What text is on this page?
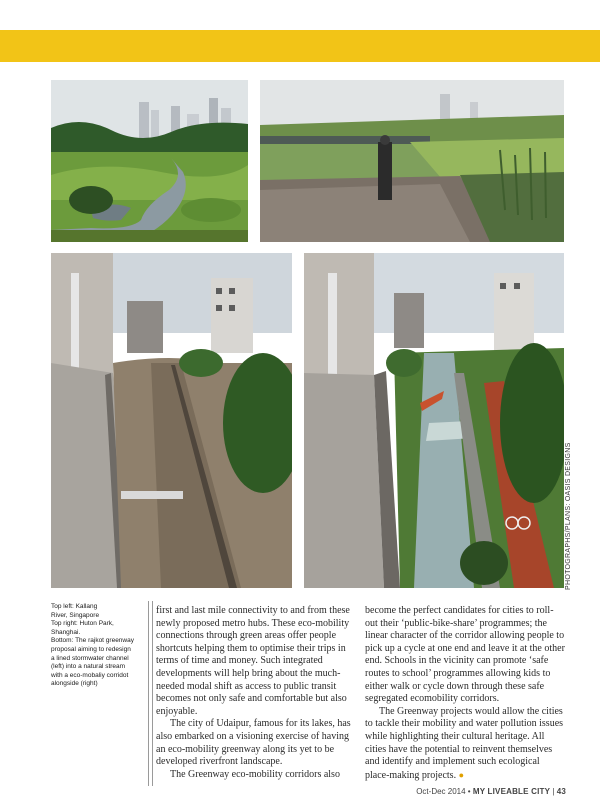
PHOTOGRAPHS/PLANS: OASIS DESIGNS
Top left: Kallang
River, Singapore
Top right: Huton Park,
Shanghai.
Bottom: The rajkot greenway
proposal aiming to redesign
a lined stormwater channel
(left) into a natural stream
with a eco-mobaliy corridot
alongside (right)

first and last mile connectivity to and from these newly proposed metro hubs. These eco-mobility connections through green areas offer people shortcuts helping them to optimise their trips in terms of time and money. Such integrated developments will help bring about the much-needed modal shift as access to public transit becomes not only safe and comfortable but also enjoyable.

The city of Udaipur, famous for its lakes, has also embarked on a visioning exercise of having an eco-mobility greenway along its yet to be developed riverfront landscape.

The Greenway eco-mobility corridors also

become the perfect candidates for cities to roll-out their ‘public-bike-share’ programmes; the linear character of the corridor allowing people to pick up a cycle at one end and leave it at the other end. Schools in the vicinity can promote ‘safe routes to school’ programmes allowing kids to either walk or cycle down through these safe segregated ecomobility corridors.

The Greenway projects would allow the cities to tackle their mobility and water pollution issues while highlighting their cultural heritage. All cities have the potential to reinvent themselves and identify and implement such ecological place-making projects. ●

Oct-Dec 2014 • MY LIVEABLE CITY | 43
